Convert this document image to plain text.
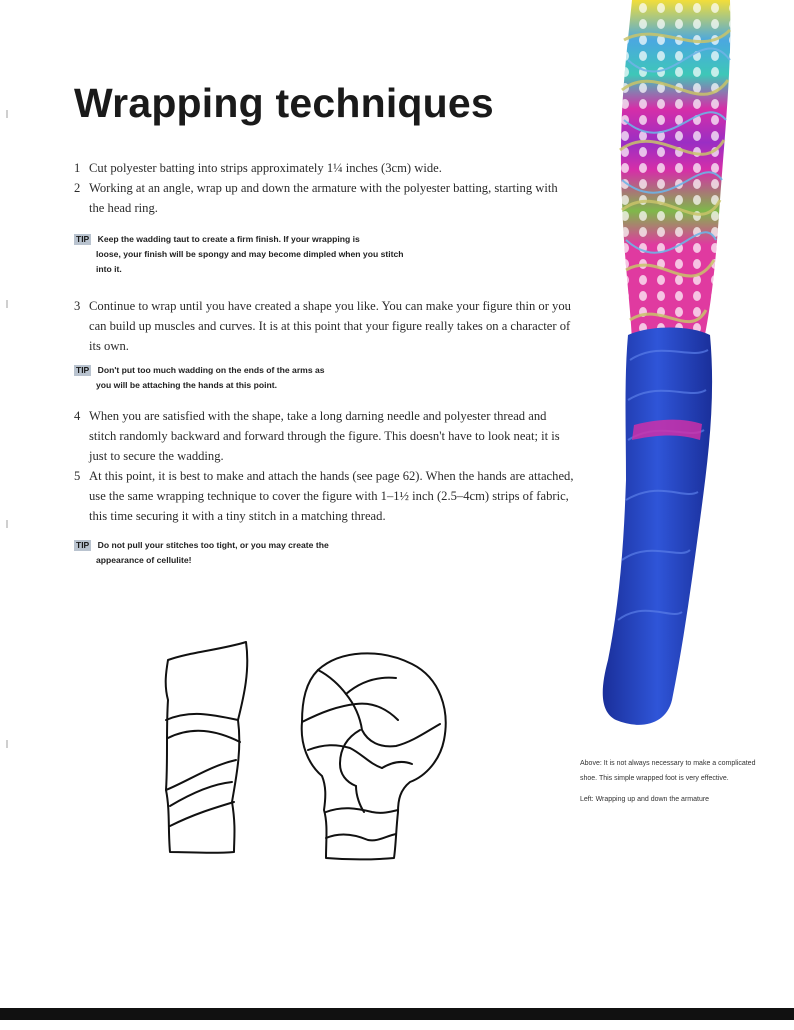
Wrapping techniques

1 Cut polyester batting into strips approximately 1¼ inches (3cm) wide.

2 Working at an angle, wrap up and down the armature with the polyester batting, starting with the head ring.

TIP Keep the wadding taut to create a firm finish. If your wrapping is
loose, your finish will be spongy and may become dimpled when you stitch into it.

3 Continue to wrap until you have created a shape you like. You can make your figure thin or you can build up muscles and curves. It is at this point that your figure really takes on a character of its own.

TIP Don't put too much wadding on the ends of the arms as
you will be attaching the hands at this point.

4 When you are satisfied with the shape, take a long darning needle and polyester thread and stitch randomly backward and forward through the figure. This doesn't have to look neat; it is just to secure the wadding.

5 At this point, it is best to make and attach the hands (see page 62). When the hands are attached, use the same wrapping technique to cover the figure with 1–1½ inch (2.5–4cm) strips of fabric, this time securing it with a tiny stitch in a matching thread.

TIP Do not pull your stitches too tight, or you may create the
appearance of cellulite!

Above: It is not always necessary to make a complicated shoe. This simple wrapped foot is very effective.

Left: Wrapping up and down the armature
